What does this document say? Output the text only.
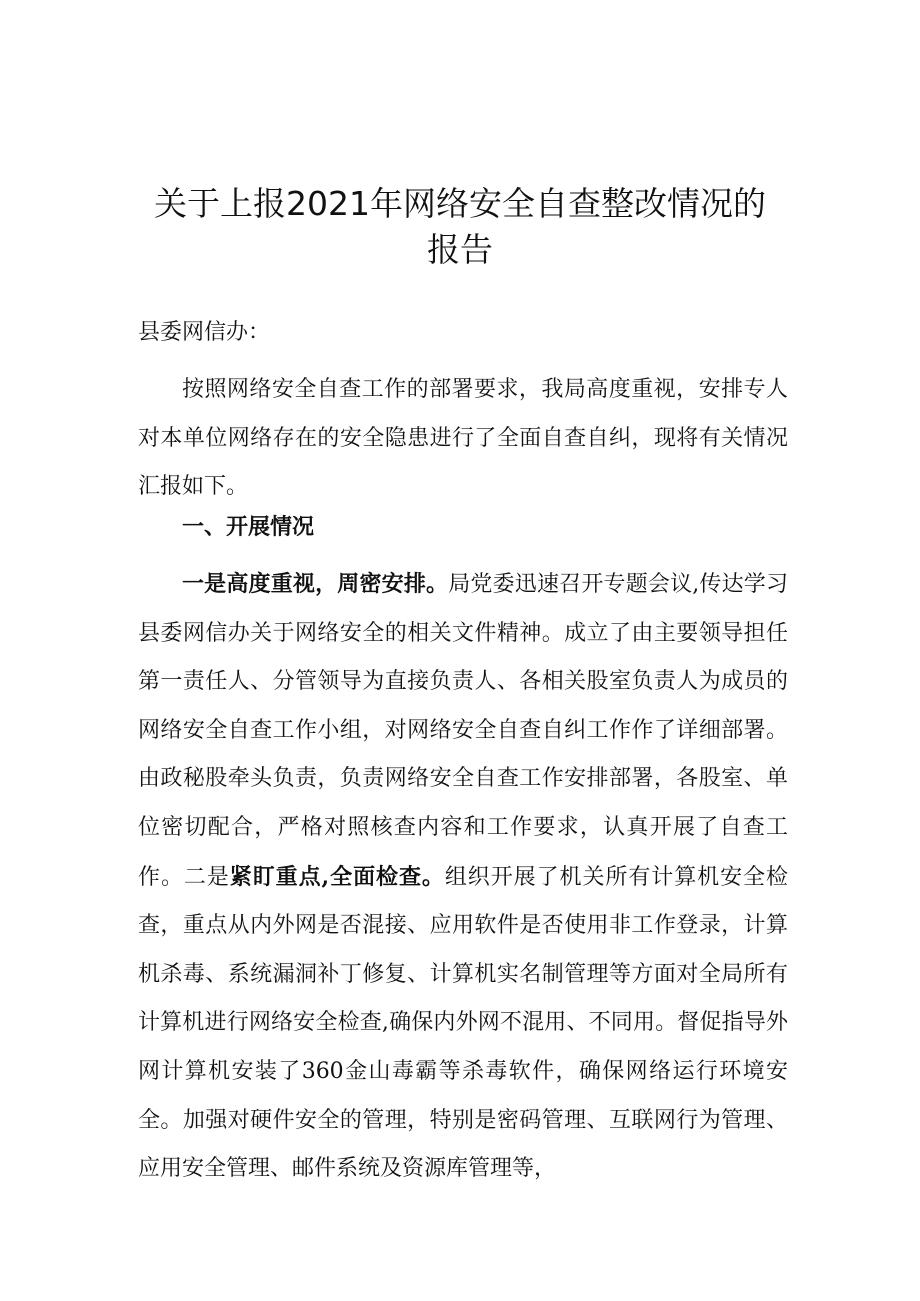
关于上报2021年网络安全自查整改情况的
报告
县委网信办：
按照网络安全自查工作的部署要求，我局高度重视，安排专人对本单位网络存在的安全隐患进行了全面自查自纠，现将有关情况汇报如下。
一、开展情况
一是高度重视，周密安排。局党委迅速召开专题会议,传达学习县委网信办关于网络安全的相关文件精神。成立了由主要领导担任第一责任人、分管领导为直接负责人、各相关股室负责人为成员的网络安全自查工作小组，对网络安全自查自纠工作作了详细部署。由政秘股牵头负责，负责网络安全自查工作安排部署，各股室、单位密切配合，严格对照核查内容和工作要求，认真开展了自查工作。二是紧盯重点,全面检查。组织开展了机关所有计算机安全检查，重点从内外网是否混接、应用软件是否使用非工作登录，计算机杀毒、系统漏洞补丁修复、计算机实名制管理等方面对全局所有计算机进行网络安全检查,确保内外网不混用、不同用。督促指导外网计算机安装了360金山毒霸等杀毒软件，确保网络运行环境安全。加强对硬件安全的管理，特别是密码管理、互联网行为管理、应用安全管理、邮件系统及资源库管理等，
